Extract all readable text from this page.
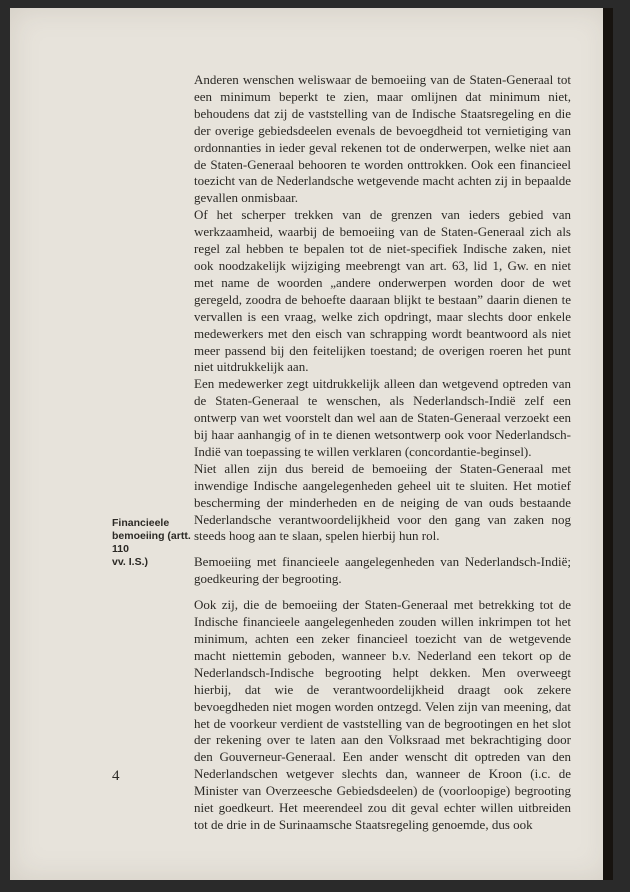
Anderen wenschen weliswaar de bemoeiing van de Staten-Generaal tot een minimum beperkt te zien, maar omlijnen dat minimum niet, behoudens dat zij de vaststelling van de Indische Staatsregeling en die der overige gebiedsdeelen evenals de bevoegdheid tot vernietiging van ordonnanties in ieder geval rekenen tot de onderwerpen, welke niet aan de Staten-Generaal behooren te worden onttrokken. Ook een financieel toezicht van de Nederlandsche wetgevende macht achten zij in bepaalde gevallen onmisbaar.

Of het scherper trekken van de grenzen van ieders gebied van werkzaamheid, waarbij de bemoeiing van de Staten-Generaal zich als regel zal hebben te bepalen tot de niet-specifiek Indische zaken, niet ook noodzakelijk wijziging meebrengt van art. 63, lid 1, Gw. en niet met name de woorden „andere onderwerpen worden door de wet geregeld, zoodra de behoefte daaraan blijkt te bestaan” daarin dienen te vervallen is een vraag, welke zich opdringt, maar slechts door enkele medewerkers met den eisch van schrapping wordt beantwoord als niet meer passend bij den feitelijken toestand; de overigen roeren het punt niet uitdrukkelijk aan.

Een medewerker zegt uitdrukkelijk alleen dan wetgevend optreden van de Staten-Generaal te wenschen, als Nederlandsch-Indië zelf een ontwerp van wet voorstelt dan wel aan de Staten-Generaal verzoekt een bij haar aanhangig of in te dienen wetsontwerp ook voor Nederlandsch-Indië van toepassing te willen verklaren (concordantie-beginsel).

Niet allen zijn dus bereid de bemoeiing der Staten-Generaal met inwendige Indische aangelegenheden geheel uit te sluiten. Het motief bescherming der minderheden en de neiging de van ouds bestaande Nederlandsche verantwoordelijkheid voor den gang van zaken nog steeds hoog aan te slaan, spelen hierbij hun rol.

Bemoeiing met financieele aangelegenheden van Nederlandsch-Indië; goedkeuring der begrooting.

Ook zij, die de bemoeiing der Staten-Generaal met betrekking tot de Indische financieele aangelegenheden zouden willen inkrimpen tot het minimum, achten een zeker financieel toezicht van de wetgevende macht niettemin geboden, wanneer b.v. Nederland een tekort op de Nederlandsch-Indische begrooting helpt dekken. Men overweegt hierbij, dat wie de verantwoordelijkheid draagt ook zekere bevoegdheden niet mogen worden ontzegd. Velen zijn van meening, dat het de voorkeur verdient de vaststelling van de begrootingen en het slot der rekening over te laten aan den Volksraad met bekrachtiging door den Gouverneur-Generaal. Een ander wenscht dit optreden van den Nederlandschen wetgever slechts dan, wanneer de Kroon (i.c. de Minister van Overzeesche Gebiedsdeelen) de (voorloopige) begrooting niet goedkeurt. Het meerendeel zou dit geval echter willen uitbreiden tot de drie in de Surinaamsche Staatsregeling genoemde, dus ook

Financieele
bemoeiing (artt. 110
vv. I.S.)
4
